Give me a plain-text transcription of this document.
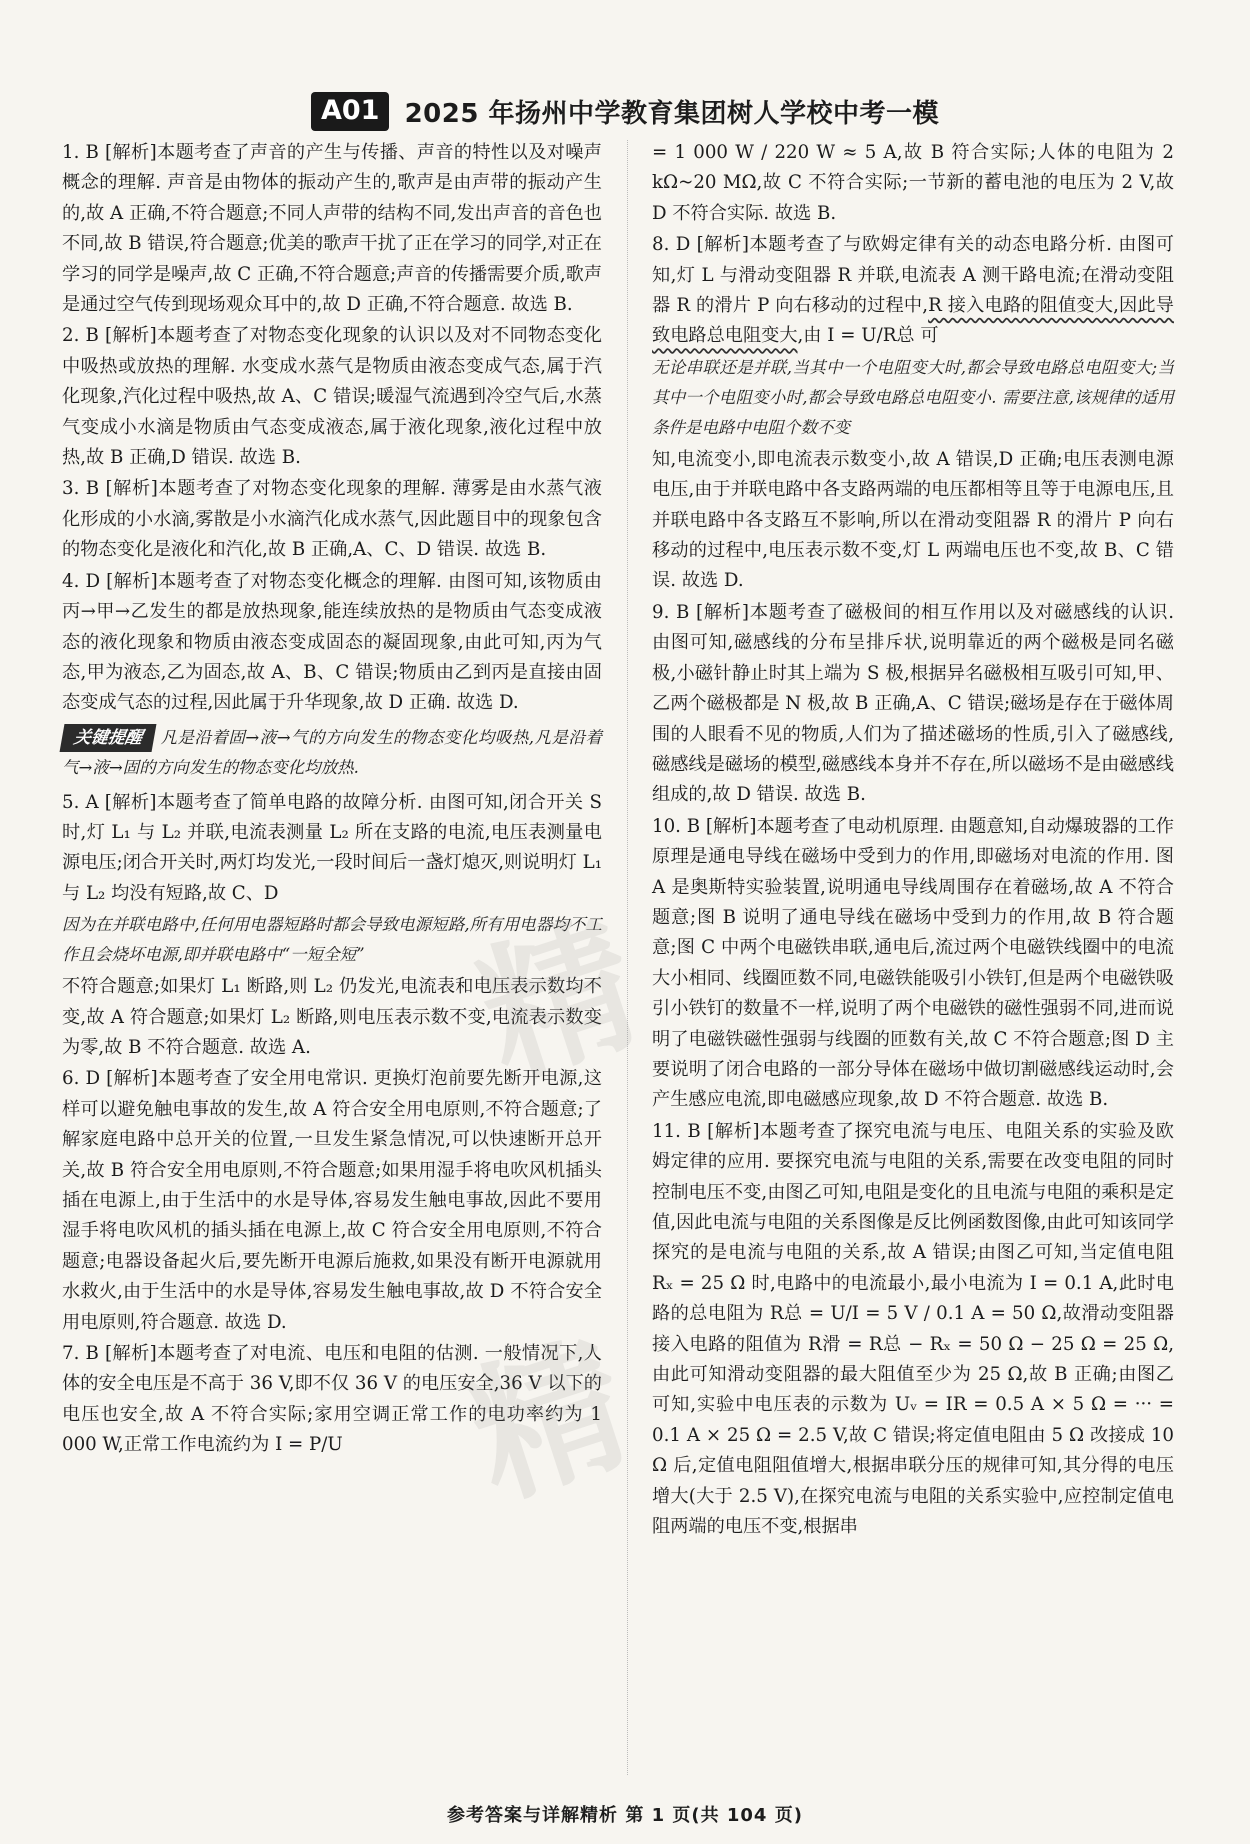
A01 2025 年扬州中学教育集团树人学校中考一模

1. B [解析]本题考查了声音的产生与传播、声音的特性以及对噪声概念的理解. 声音是由物体的振动产生的,歌声是由声带的振动产生的,故 A 正确,不符合题意;不同人声带的结构不同,发出声音的音色也不同,故 B 错误,符合题意;优美的歌声干扰了正在学习的同学,对正在学习的同学是噪声,故 C 正确,不符合题意;声音的传播需要介质,歌声是通过空气传到现场观众耳中的,故 D 正确,不符合题意. 故选 B.

2. B [解析]本题考查了对物态变化现象的认识以及对不同物态变化中吸热或放热的理解. 水变成水蒸气是物质由液态变成气态,属于汽化现象,汽化过程中吸热,故 A、C 错误;暖湿气流遇到冷空气后,水蒸气变成小水滴是物质由气态变成液态,属于液化现象,液化过程中放热,故 B 正确,D 错误. 故选 B.

3. B [解析]本题考查了对物态变化现象的理解. 薄雾是由水蒸气液化形成的小水滴,雾散是小水滴汽化成水蒸气,因此题目中的现象包含的物态变化是液化和汽化,故 B 正确,A、C、D 错误. 故选 B.

4. D [解析]本题考查了对物态变化概念的理解. 由图可知,该物质由丙→甲→乙发生的都是放热现象,能连续放热的是物质由气态变成液态的液化现象和物质由液态变成固态的凝固现象,由此可知,丙为气态,甲为液态,乙为固态,故 A、B、C 错误;物质由乙到丙是直接由固态变成气态的过程,因此属于升华现象,故 D 正确. 故选 D.

关键提醒 凡是沿着固→液→气的方向发生的物态变化均吸热,凡是沿着气→液→固的方向发生的物态变化均放热.

5. A [解析]本题考查了简单电路的故障分析. 由图可知,闭合开关 S 时,灯 L₁ 与 L₂ 并联,电流表测量 L₂ 所在支路的电流,电压表测量电源电压;闭合开关时,两灯均发光,一段时间后一盏灯熄灭,则说明灯 L₁ 与 L₂ 均没有短路,故 C、D

因为在并联电路中,任何用电器短路时都会导致电源短路,所有用电器均不工作且会烧坏电源,即并联电路中“一短全短”

不符合题意;如果灯 L₁ 断路,则 L₂ 仍发光,电流表和电压表示数均不变,故 A 符合题意;如果灯 L₂ 断路,则电压表示数不变,电流表示数变为零,故 B 不符合题意. 故选 A.

6. D [解析]本题考查了安全用电常识. 更换灯泡前要先断开电源,这样可以避免触电事故的发生,故 A 符合安全用电原则,不符合题意;了解家庭电路中总开关的位置,一旦发生紧急情况,可以快速断开总开关,故 B 符合安全用电原则,不符合题意;如果用湿手将电吹风机插头插在电源上,由于生活中的水是导体,容易发生触电事故,因此不要用湿手将电吹风机的插头插在电源上,故 C 符合安全用电原则,不符合题意;电器设备起火后,要先断开电源后施救,如果没有断开电源就用水救火,由于生活中的水是导体,容易发生触电事故,故 D 不符合安全用电原则,符合题意. 故选 D.

7. B [解析]本题考查了对电流、电压和电阻的估测. 一般情况下,人体的安全电压是不高于 36 V,即不仅 36 V 的电压安全,36 V 以下的电压也安全,故 A 不符合实际;家用空调正常工作的电功率约为 1 000 W,正常工作电流约为 I = P/U

= 1 000 W / 220 W ≈ 5 A,故 B 符合实际;人体的电阻为 2 kΩ~20 MΩ,故 C 不符合实际;一节新的蓄电池的电压为 2 V,故 D 不符合实际. 故选 B.

8. D [解析]本题考查了与欧姆定律有关的动态电路分析. 由图可知,灯 L 与滑动变阻器 R 并联,电流表 A 测干路电流;在滑动变阻器 R 的滑片 P 向右移动的过程中,R 接入电路的阻值变大,因此导致电路总电阻变大,由 I = U/R总 可

无论串联还是并联,当其中一个电阻变大时,都会导致电路总电阻变大;当其中一个电阻变小时,都会导致电路总电阻变小. 需要注意,该规律的适用条件是电路中电阻个数不变

知,电流变小,即电流表示数变小,故 A 错误,D 正确;电压表测电源电压,由于并联电路中各支路两端的电压都相等且等于电源电压,且并联电路中各支路互不影响,所以在滑动变阻器 R 的滑片 P 向右移动的过程中,电压表示数不变,灯 L 两端电压也不变,故 B、C 错误. 故选 D.

9. B [解析]本题考查了磁极间的相互作用以及对磁感线的认识. 由图可知,磁感线的分布呈排斥状,说明靠近的两个磁极是同名磁极,小磁针静止时其上端为 S 极,根据异名磁极相互吸引可知,甲、乙两个磁极都是 N 极,故 B 正确,A、C 错误;磁场是存在于磁体周围的人眼看不见的物质,人们为了描述磁场的性质,引入了磁感线,磁感线是磁场的模型,磁感线本身并不存在,所以磁场不是由磁感线组成的,故 D 错误. 故选 B.

10. B [解析]本题考查了电动机原理. 由题意知,自动爆玻器的工作原理是通电导线在磁场中受到力的作用,即磁场对电流的作用. 图 A 是奥斯特实验装置,说明通电导线周围存在着磁场,故 A 不符合题意;图 B 说明了通电导线在磁场中受到力的作用,故 B 符合题意;图 C 中两个电磁铁串联,通电后,流过两个电磁铁线圈中的电流大小相同、线圈匝数不同,电磁铁能吸引小铁钉,但是两个电磁铁吸引小铁钉的数量不一样,说明了两个电磁铁的磁性强弱不同,进而说明了电磁铁磁性强弱与线圈的匝数有关,故 C 不符合题意;图 D 主要说明了闭合电路的一部分导体在磁场中做切割磁感线运动时,会产生感应电流,即电磁感应现象,故 D 不符合题意. 故选 B.

11. B [解析]本题考查了探究电流与电压、电阻关系的实验及欧姆定律的应用. 要探究电流与电阻的关系,需要在改变电阻的同时控制电压不变,由图乙可知,电阻是变化的且电流与电阻的乘积是定值,因此电流与电阻的关系图像是反比例函数图像,由此可知该同学探究的是电流与电阻的关系,故 A 错误;由图乙可知,当定值电阻 Rₓ = 25 Ω 时,电路中的电流最小,最小电流为 I = 0.1 A,此时电路的总电阻为 R总 = U/I = 5 V / 0.1 A = 50 Ω,故滑动变阻器接入电路的阻值为 R滑 = R总 − Rₓ = 50 Ω − 25 Ω = 25 Ω,由此可知滑动变阻器的最大阻值至少为 25 Ω,故 B 正确;由图乙可知,实验中电压表的示数为 Uᵥ = IR = 0.5 A × 5 Ω = ··· = 0.1 A × 25 Ω = 2.5 V,故 C 错误;将定值电阻由 5 Ω 改接成 10 Ω 后,定值电阻阻值增大,根据串联分压的规律可知,其分得的电压增大(大于 2.5 V),在探究电流与电阻的关系实验中,应控制定值电阻两端的电压不变,根据串

精
精
参考答案与详解精析 第 1 页(共 104 页)
